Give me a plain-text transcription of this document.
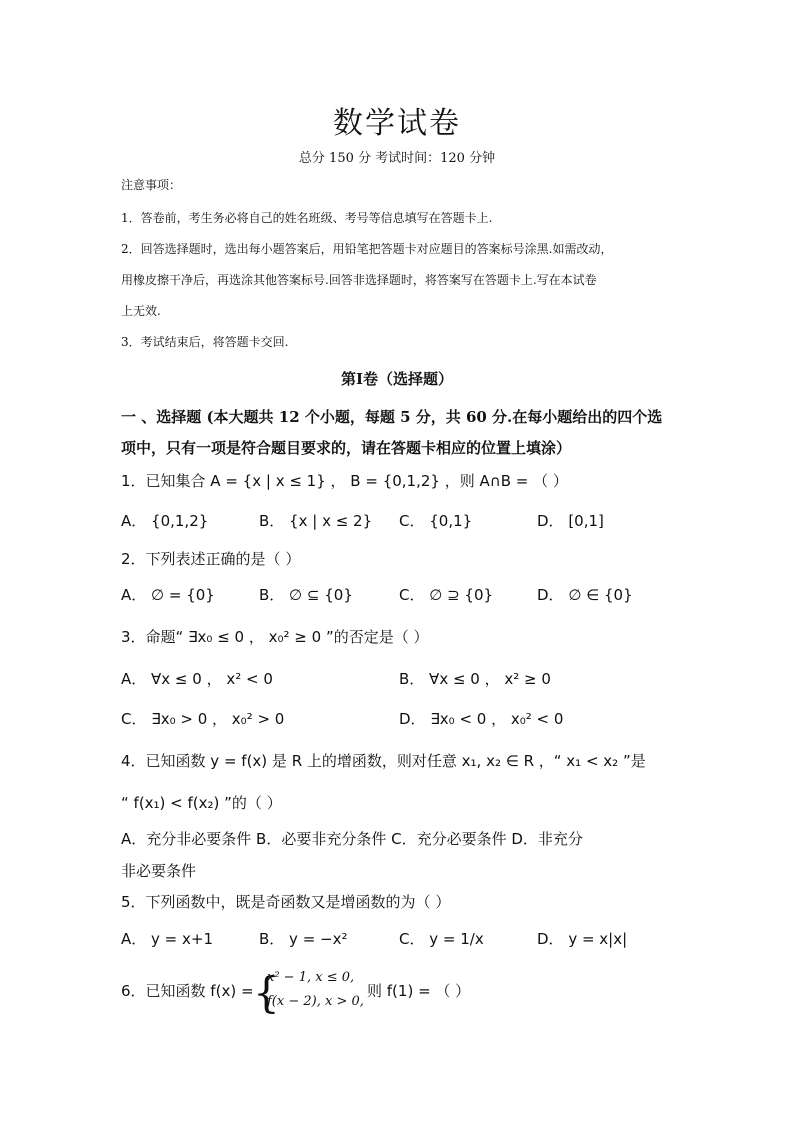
数学试卷
总分 150 分 考试时间：120 分钟
注意事项：
1．答卷前，考生务必将自己的姓名班级、考号等信息填写在答题卡上.
2．回答选择题时，选出每小题答案后，用铅笔把答题卡对应题目的答案标号涂黑.如需改动，
用橡皮擦干净后，再选涂其他答案标号.回答非选择题时，将答案写在答题卡上.写在本试卷
上无效.
3．考试结束后，将答题卡交回.
第Ⅰ卷（选择题）
一 、选择题 (本大题共 12 个小题，每题 5 分，共 60 分.在每小题给出的四个选
项中，只有一项是符合题目要求的，请在答题卡相应的位置上填涂）
1．已知集合 A = {x | x ≤ 1} ， B = {0,1,2} ，则 A∩B = （ ）
A． {0,1,2}	B． {x | x ≤ 2} C． {0,1}	D． [0,1]
2．下列表述正确的是（ ）
A． ∅ = {0}	B． ∅ ⊆ {0}	C． ∅ ⊇ {0}	D． ∅ ∈ {0}
3．命题“ ∃x₀ ≤ 0 ， x₀² ≥ 0 ”的否定是（ ）
A． ∀x ≤ 0 ， x² < 0	B． ∀x ≤ 0 ， x² ≥ 0
C． ∃x₀ > 0 ， x₀² > 0	D． ∃x₀ < 0 ， x₀² < 0
4．已知函数 y = f(x) 是 R 上的增函数，则对任意 x₁, x₂ ∈ R ，“ x₁ < x₂ ”是
“ f(x₁) < f(x₂) ”的（ ）
A．充分非必要条件 B．必要非充分条件 C．充分必要条件 D．非充分
非必要条件
5．下列函数中，既是奇函数又是增函数的为（ ）
A． y = x+1	B． y = −x²	C． y = 1/x	D． y = x|x|
6．已知函数 f(x) = {
x² − 1, x ≤ 0,
f(x − 2), x > 0,
则 f(1) = （ ）
